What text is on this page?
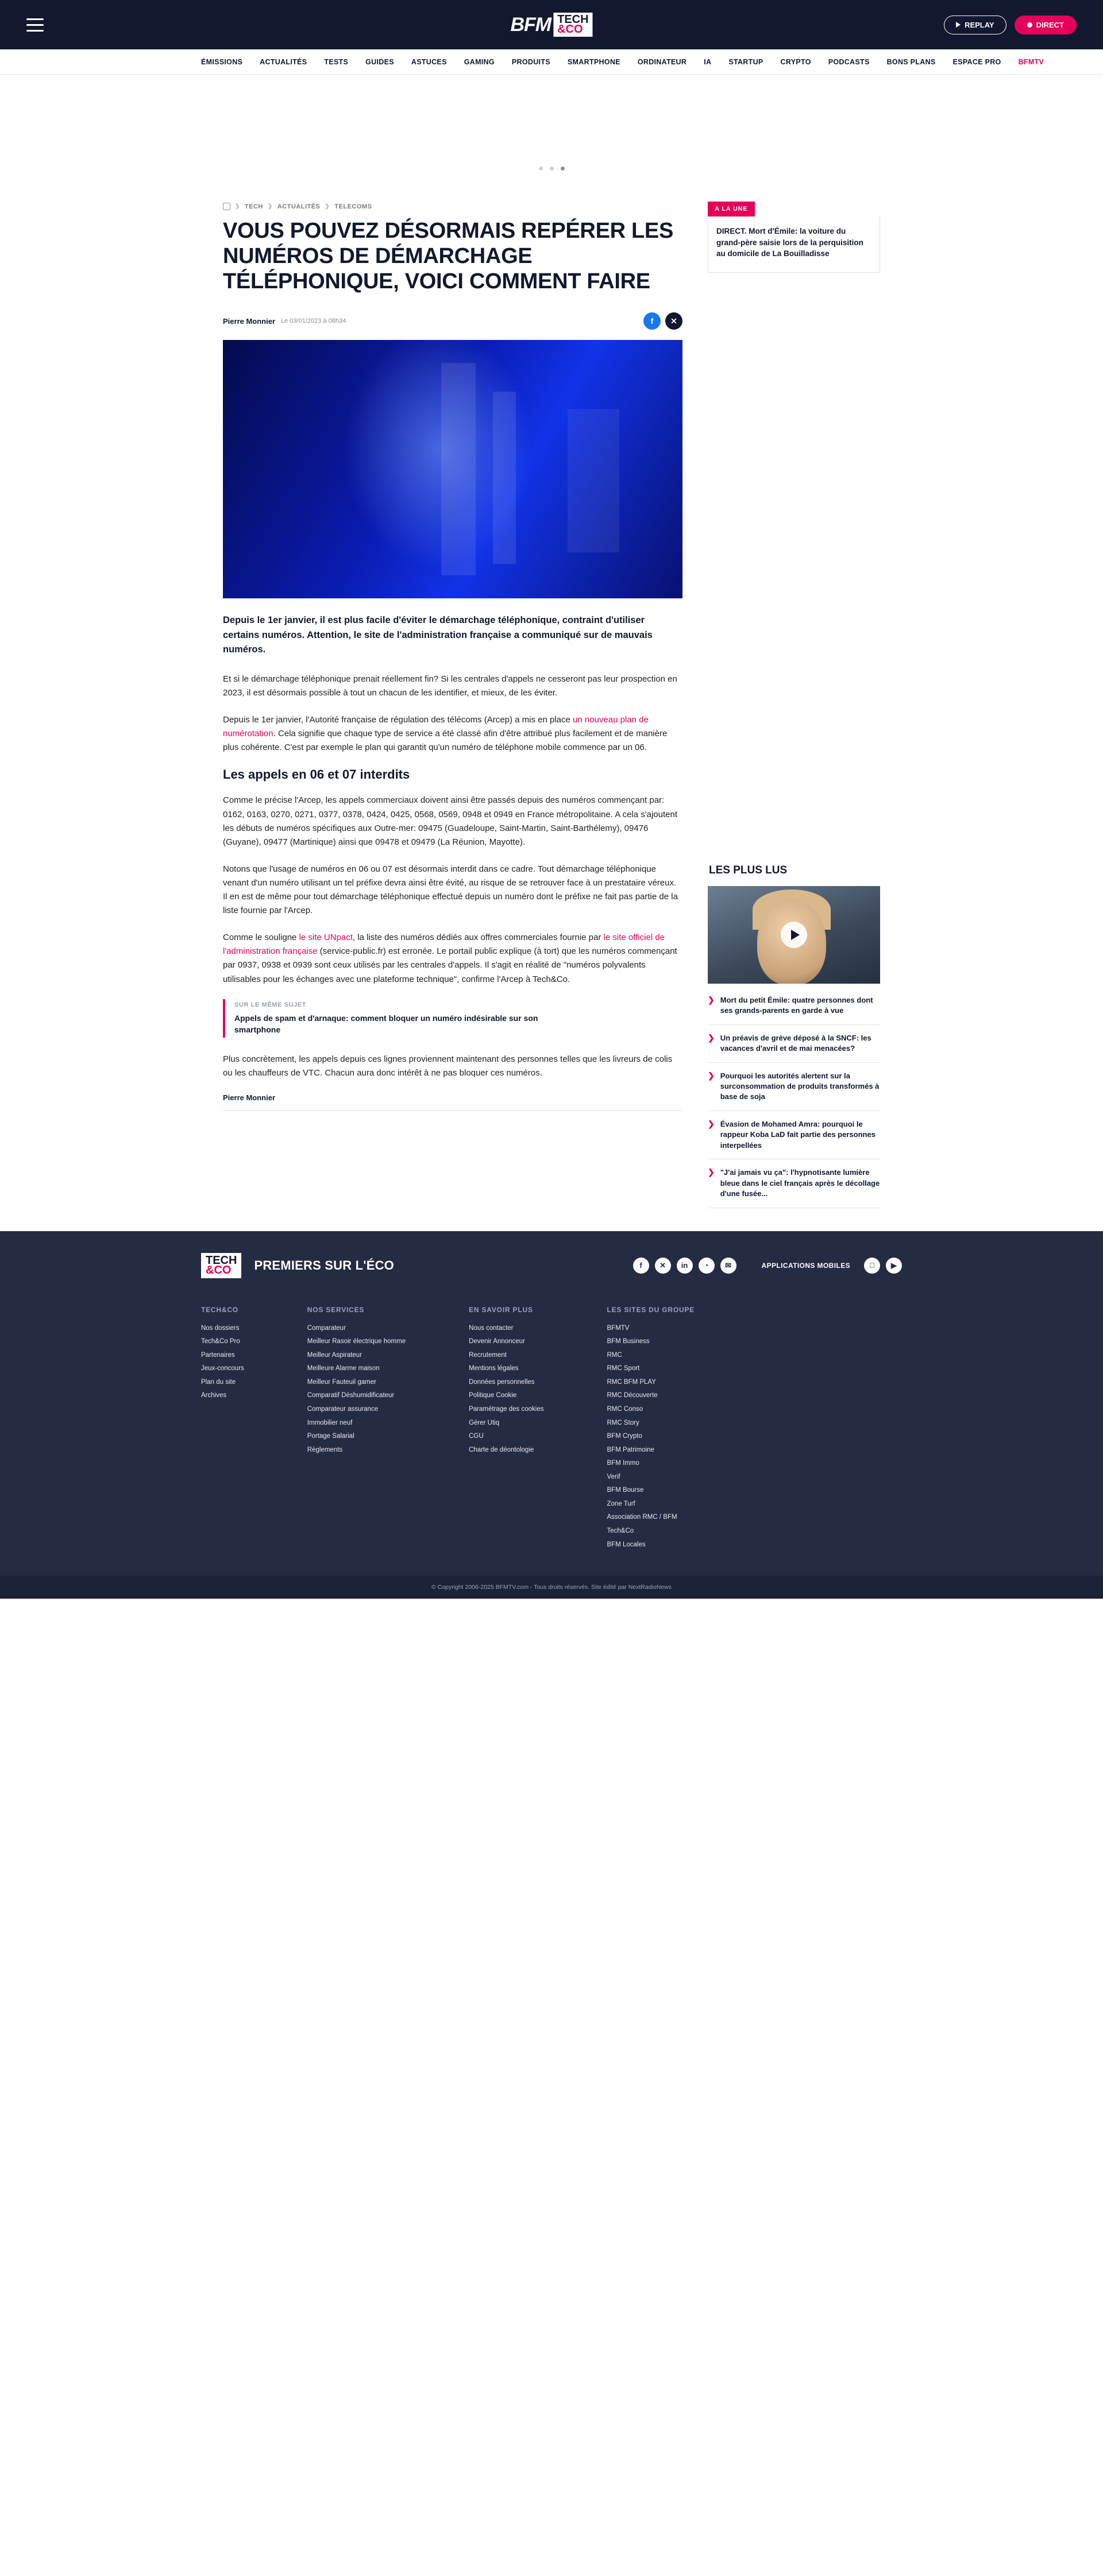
BFM TECH
&CO	REPLAY	DIRECT
ÉMISSIONS ACTUALITÉS TESTS GUIDES ASTUCES GAMING PRODUITS SMARTPHONE ORDINATEUR IA STARTUP CRYPTO PODCASTS BONS PLANS ESPACE PRO BFMTV
❯ TECH ❯ ACTUALITÉS ❯ TELECOMS
VOUS POUVEZ DÉSORMAIS REPÉRER LES NUMÉROS DE DÉMARCHAGE TÉLÉPHONIQUE, VOICI COMMENT FAIRE
Pierre Monnier Le 03/01/2023 à 08h34	f	✕

Depuis le 1er janvier, il est plus facile d'éviter le démarchage téléphonique, contraint d'utiliser certains numéros. Attention, le site de l'administration française a communiqué sur de mauvais numéros.

Et si le démarchage téléphonique prenait réellement fin? Si les centrales d'appels ne cesseront pas leur prospection en 2023, il est désormais possible à tout un chacun de les identifier, et mieux, de les éviter.

Depuis le 1er janvier, l'Autorité française de régulation des télécoms (Arcep) a mis en place un nouveau plan de numérotation. Cela signifie que chaque type de service a été classé afin d'être attribué plus facilement et de manière plus cohérente. C'est par exemple le plan qui garantit qu'un numéro de téléphone mobile commence par un 06.

Les appels en 06 et 07 interdits

Comme le précise l'Arcep, les appels commerciaux doivent ainsi être passés depuis des numéros commençant par: 0162, 0163, 0270, 0271, 0377, 0378, 0424, 0425, 0568, 0569, 0948 et 0949 en France métropolitaine. A cela s'ajoutent les débuts de numéros spécifiques aux Outre-mer: 09475 (Guadeloupe, Saint-Martin, Saint-Barthélemy), 09476 (Guyane), 09477 (Martinique) ainsi que 09478 et 09479 (La Réunion, Mayotte).

Notons que l'usage de numéros en 06 ou 07 est désormais interdit dans ce cadre. Tout démarchage téléphonique venant d'un numéro utilisant un tel préfixe devra ainsi être évité, au risque de se retrouver face à un prestataire véreux. Il en est de même pour tout démarchage téléphonique effectué depuis un numéro dont le préfixe ne fait pas partie de la liste fournie par l'Arcep.

Comme le souligne le site UNpact, la liste des numéros dédiés aux offres commerciales fournie par le site officiel de l'administration française (service-public.fr) est erronée. Le portail public explique (à tort) que les numéros commençant par 0937, 0938 et 0939 sont ceux utilisés par les centrales d'appels. Il s'agit en réalité de "numéros polyvalents utilisables pour les échanges avec une plateforme technique", confirme l'Arcep à Tech&Co.

SUR LE MÊME SUJET
Appels de spam et d'arnaque: comment bloquer un numéro indésirable sur son smartphone

Plus concrètement, les appels depuis ces lignes proviennent maintenant des personnes telles que les livreurs de colis ou les chauffeurs de VTC. Chacun aura donc intérêt à ne pas bloquer ces numéros.

Pierre Monnier
A LA UNE
DIRECT. Mort d'Émile: la voiture du grand-père saisie lors de la perquisition au domicile de La Bouilladisse
LES PLUS LUS
❯ Mort du petit Émile: quatre personnes dont ses grands-parents en garde à vue
❯ Un préavis de grève déposé à la SNCF: les vacances d'avril et de mai menacées?
❯ Pourquoi les autorités alertent sur la surconsommation de produits transformés à base de soja
❯ Évasion de Mohamed Amra: pourquoi le rappeur Koba LaD fait partie des personnes interpellées
❯ "J'ai jamais vu ça": l'hypnotisante lumière bleue dans le ciel français après le décollage d'une fusée...
TECH
&CO	PREMIERS SUR L'ÉCO	f	✕	in	◔	✉	APPLICATIONS MOBILES	▶
TECH&CO
Nos dossiers
Tech&Co Pro
Partenaires
Jeux-concours
Plan du site
Archives
NOS SERVICES
Comparateur
Meilleur Rasoir électrique homme
Meilleur Aspirateur
Meilleure Alarme maison
Meilleur Fauteuil gamer
Comparatif Déshumidificateur
Comparateur assurance
Immobilier neuf
Portage Salarial
Règlements
EN SAVOIR PLUS
Nous contacter
Devenir Annonceur
Recrutement
Mentions légales
Données personnelles
Politique Cookie
Paramétrage des cookies
Gérer Utiq
CGU
Charte de déontologie
LES SITES DU GROUPE
BFMTV
BFM Business
RMC
RMC Sport
RMC BFM PLAY
RMC Découverte
RMC Conso
RMC Story
BFM Crypto
BFM Patrimoine
BFM Immo
Verif
BFM Bourse
Zone Turf
Association RMC / BFM
Tech&Co
BFM Locales
© Copyright 2006-2025 BFMTV.com - Tous droits réservés. Site édité par NextRadioNews
